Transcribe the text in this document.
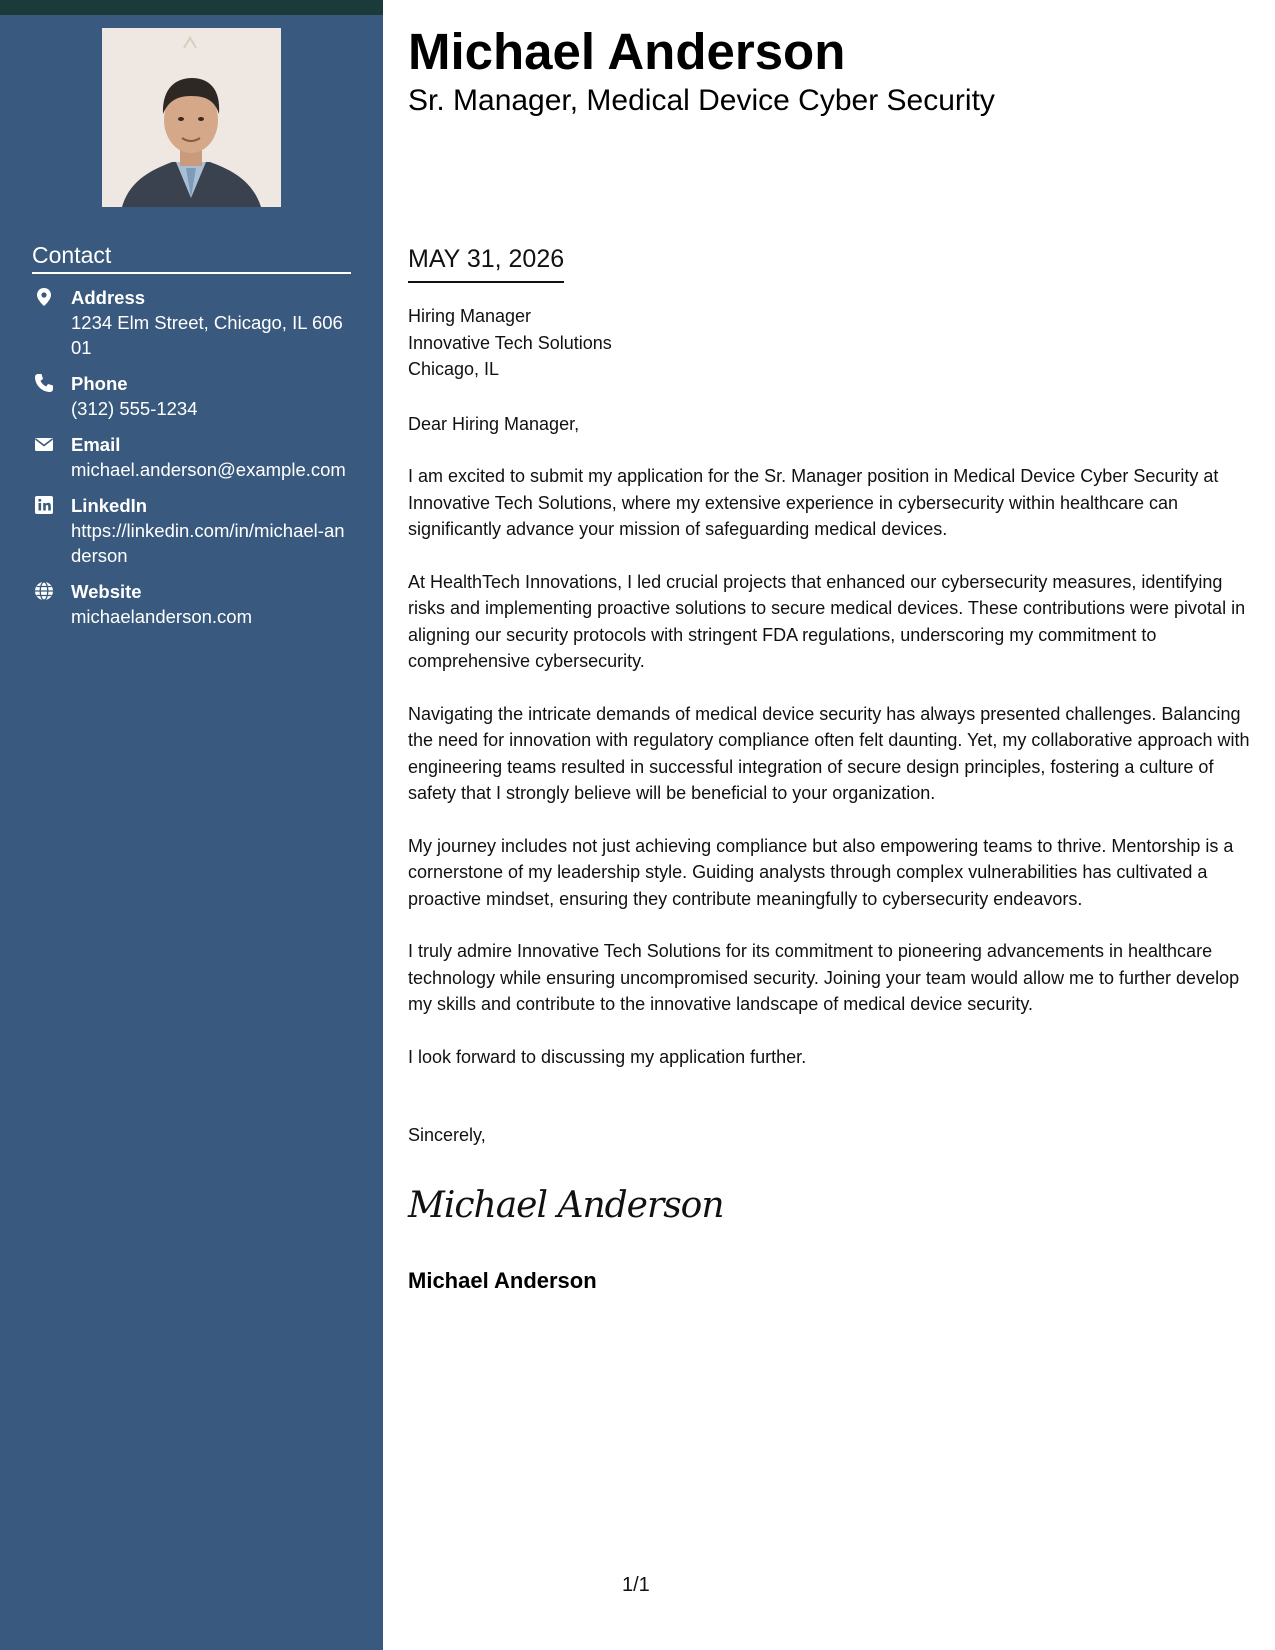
Contact
Address
1234 Elm Street, Chicago, IL 60601
Phone
(312) 555-1234
Email
michael.anderson@example.com
LinkedIn
https://linkedin.com/in/michael-anderson
Website
michaelanderson.com
Michael Anderson
Sr. Manager, Medical Device Cyber Security
MAY 31, 2026
Hiring Manager
Innovative Tech Solutions
Chicago, IL
Dear Hiring Manager,

I am excited to submit my application for the Sr. Manager position in Medical Device Cyber Security at Innovative Tech Solutions, where my extensive experience in cybersecurity within healthcare can significantly advance your mission of safeguarding medical devices.

At HealthTech Innovations, I led crucial projects that enhanced our cybersecurity measures, identifying risks and implementing proactive solutions to secure medical devices. These contributions were pivotal in aligning our security protocols with stringent FDA regulations, underscoring my commitment to comprehensive cybersecurity.

Navigating the intricate demands of medical device security has always presented challenges. Balancing the need for innovation with regulatory compliance often felt daunting. Yet, my collaborative approach with engineering teams resulted in successful integration of secure design principles, fostering a culture of safety that I strongly believe will be beneficial to your organization.

My journey includes not just achieving compliance but also empowering teams to thrive. Mentorship is a cornerstone of my leadership style. Guiding analysts through complex vulnerabilities has cultivated a proactive mindset, ensuring they contribute meaningfully to cybersecurity endeavors.

I truly admire Innovative Tech Solutions for its commitment to pioneering advancements in healthcare technology while ensuring uncompromised security. Joining your team would allow me to further develop my skills and contribute to the innovative landscape of medical device security.

I look forward to discussing my application further.

Sincerely,
Michael Anderson
Michael Anderson
1/1
